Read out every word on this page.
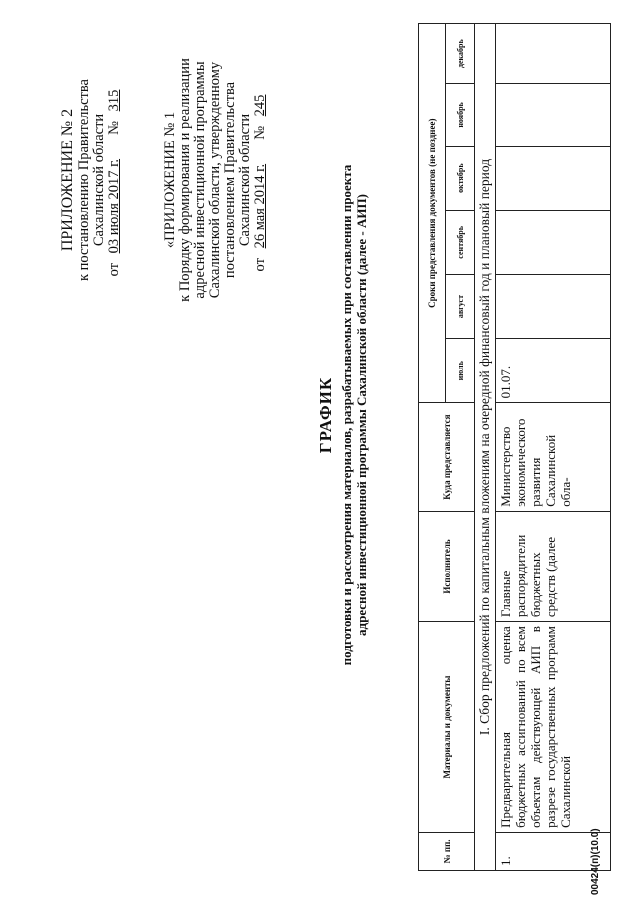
ПРИЛОЖЕНИЕ № 2 к постановлению Правительства Сахалинской области
от 03 июля 2017 г.     № 315
«ПРИЛОЖЕНИЕ № 1 к Порядку формирования и реализации адресной инвестиционной программы Сахалинской области, утвержденному постановлением Правительства Сахалинской области
от 26 мая 2014 г.     № 245
ГРАФИК подготовки и рассмотрения материалов, разрабатываемых при составлении проекта адресной инвестиционной программы Сахалинской области (далее - АИП)
№ пп.	Материалы и документы	Исполнитель	Куда представляется	Сроки представления документов (не позднее)					
				июль	август	сентябрь	октябрь	ноябрь	декабрь
I. Сбор предложений по капитальным вложениям на очередной финансовый год и плановый период									
1.	Предварительная оценка бюджетных ассигнований по всем объектам действующей АИП в разрезе государственных программ Сахалинской	Главные распорядители бюджетных средств (далее	Министерство экономического развития Сахалинской обла-	01.07.					
00424(п)(10.0)
